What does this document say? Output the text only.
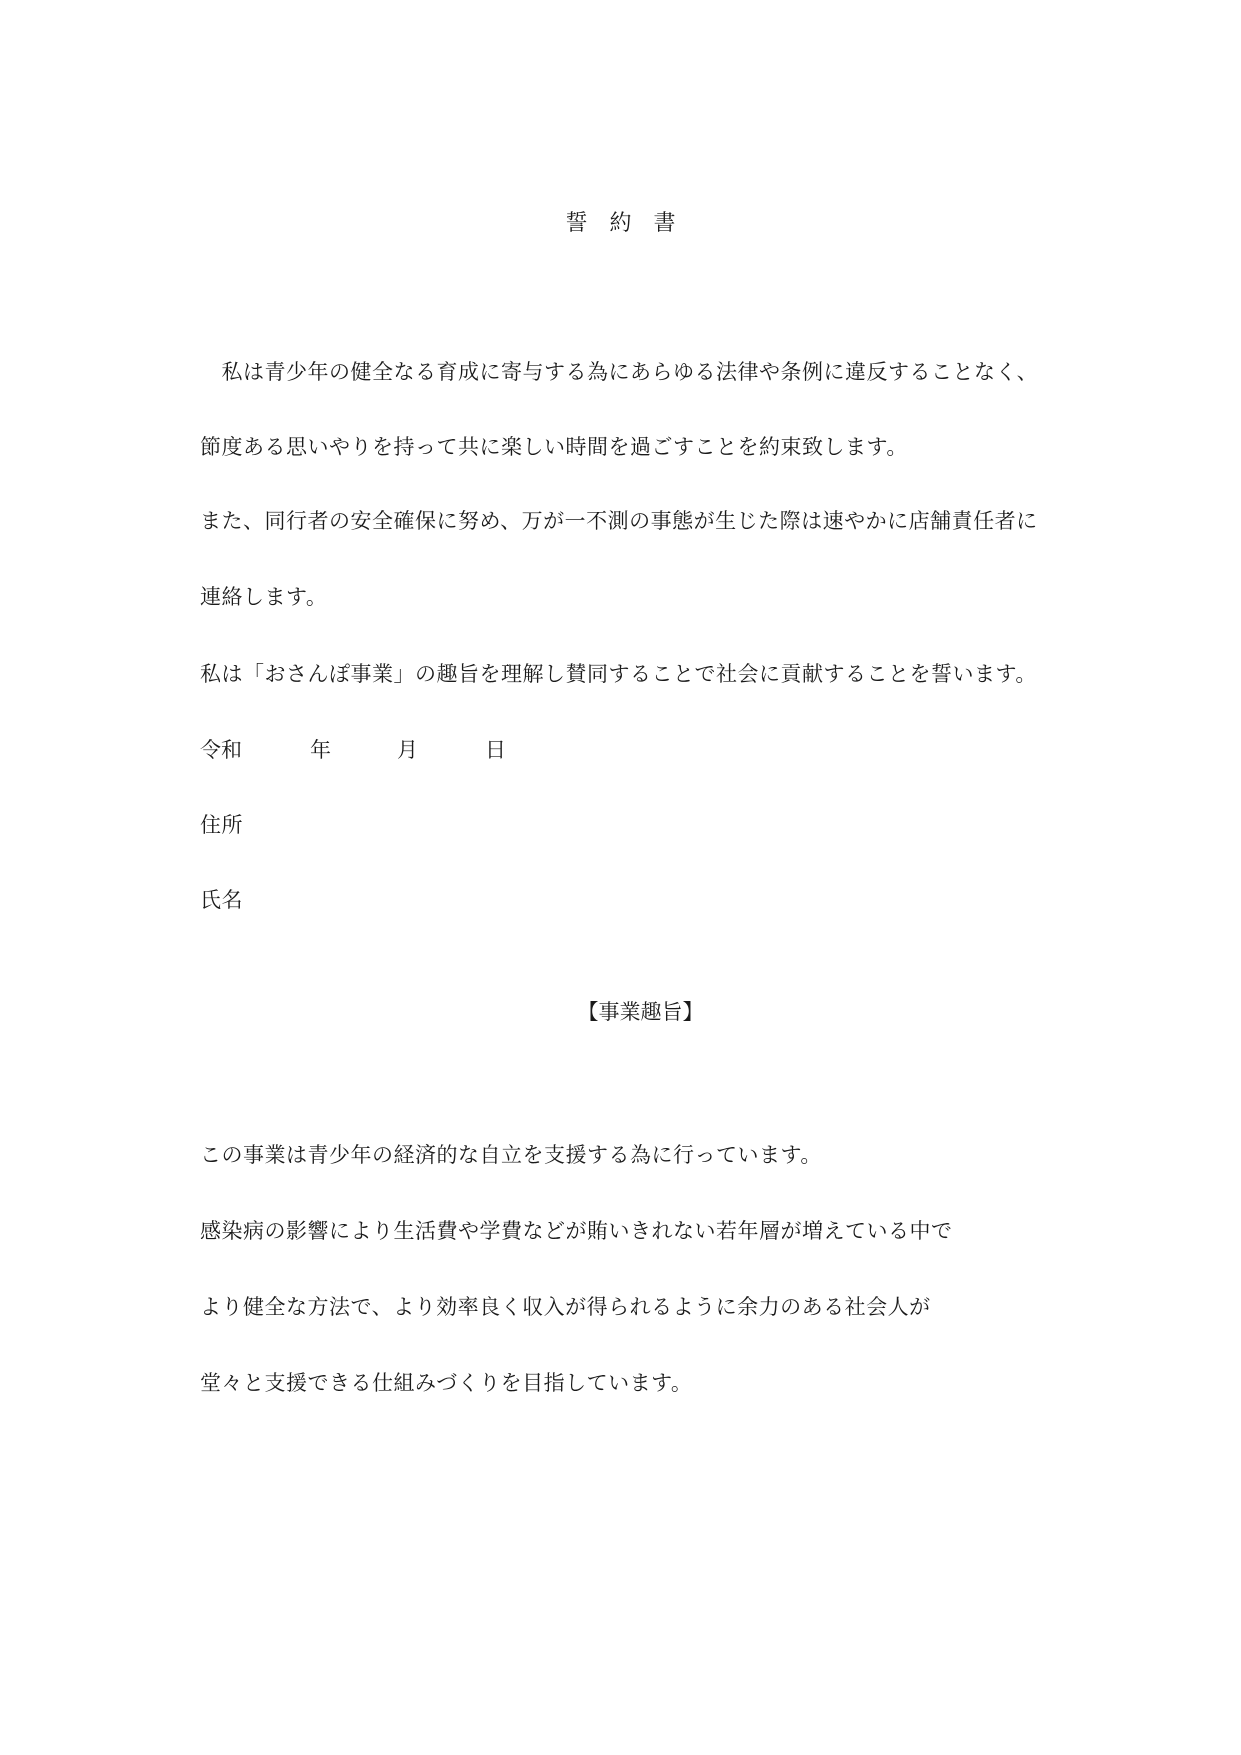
誓 約 書
　私は青少年の健全なる育成に寄与する為にあらゆる法律や条例に違反することなく、
節度ある思いやりを持って共に楽しい時間を過ごすことを約束致します。
また、同行者の安全確保に努め、万が一不測の事態が生じた際は速やかに店舗責任者に
連絡します。
私は「おさんぽ事業」の趣旨を理解し賛同することで社会に貢献することを誓います。
令和	年	月	日
住所
氏名
【事業趣旨】
この事業は青少年の経済的な自立を支援する為に行っています。
感染病の影響により生活費や学費などが賄いきれない若年層が増えている中で
より健全な方法で、より効率良く収入が得られるように余力のある社会人が
堂々と支援できる仕組みづくりを目指しています。
